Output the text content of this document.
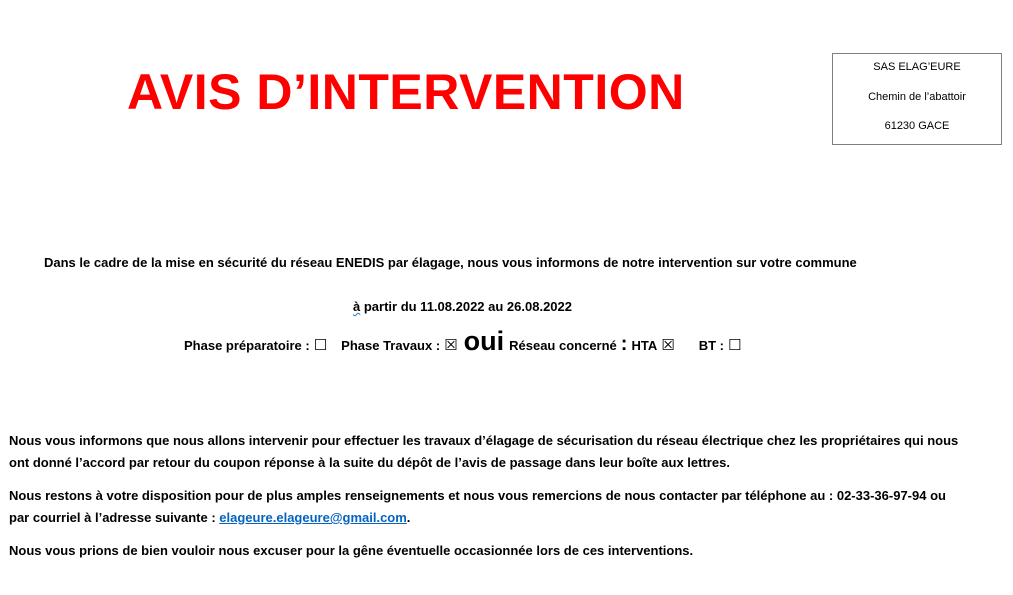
AVIS D’INTERVENTION	SAS ELAG’EURE
Chemin de l’abattoir
61230 GACE
Dans le cadre de la mise en sécurité du réseau ENEDIS par élagage, nous vous informons de notre intervention sur votre commune
à partir du 11.08.2022 au 26.08.2022
Phase préparatoire : ☐ Phase Travaux : ☒ oui Réseau concerné : HTA ☒ BT : ☐
Nous vous informons que nous allons intervenir pour effectuer les travaux d’élagage de sécurisation du réseau électrique chez les propriétaires qui nous
ont donné l’accord par retour du coupon réponse à la suite du dépôt de l’avis de passage dans leur boîte aux lettres.
Nous restons à votre disposition pour de plus amples renseignements et nous vous remercions de nous contacter par téléphone au : 02-33-36-97-94 ou
par courriel à l’adresse suivante : elageure.elageure@gmail.com.
Nous vous prions de bien vouloir nous excuser pour la gêne éventuelle occasionnée lors de ces interventions.
